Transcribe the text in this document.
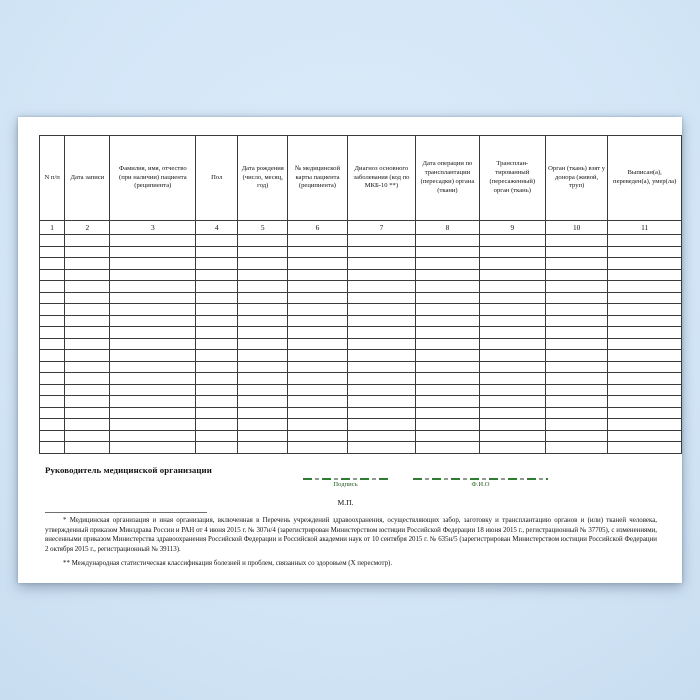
N п/п	Дата записи	Фамилия, имя, отчество (при наличии) пациента (реципиента)	Пол	Дата рождения (число, месяц, год)	№ медицинской карты пациента (реципиента)	Диагноз основного заболевания (код по МКБ-10 **)	Дата операции по трансплантации (пересадки) органа (ткани)	Трансплан-тированный (пересаженный) орган (ткань)	Орган (ткань) взят у донора (живой, труп)	Выписан(а), переведен(а), умер(ла)
1	2	3	4	5	6	7	8	9	10	11

Руководитель медицинской организации
Подпись	Ф.И.О
М.П.

* Медицинская организация и иная организация, включенная в Перечень учреждений здравоохранения, осуществляющих забор, заготовку и трансплантацию органов и (или) тканей человека, утвержденный приказом Минздрава России и РАН от 4 июня 2015 г. № 307н/4 (зарегистрирован Министерством юстиции Российской Федерации 18 июня 2015 г., регистрационный № 37705), с изменениями, внесенными приказом Министерства здравоохранения Российской Федерации и Российской академии наук от 10 сентября 2015 г. № 635н/5 (зарегистрирован Министерством юстиции Российской Федерации 2 октября 2015 г., регистрационный № 39113).

** Международная статистическая классификация болезней и проблем, связанных со здоровьем (X пересмотр).
